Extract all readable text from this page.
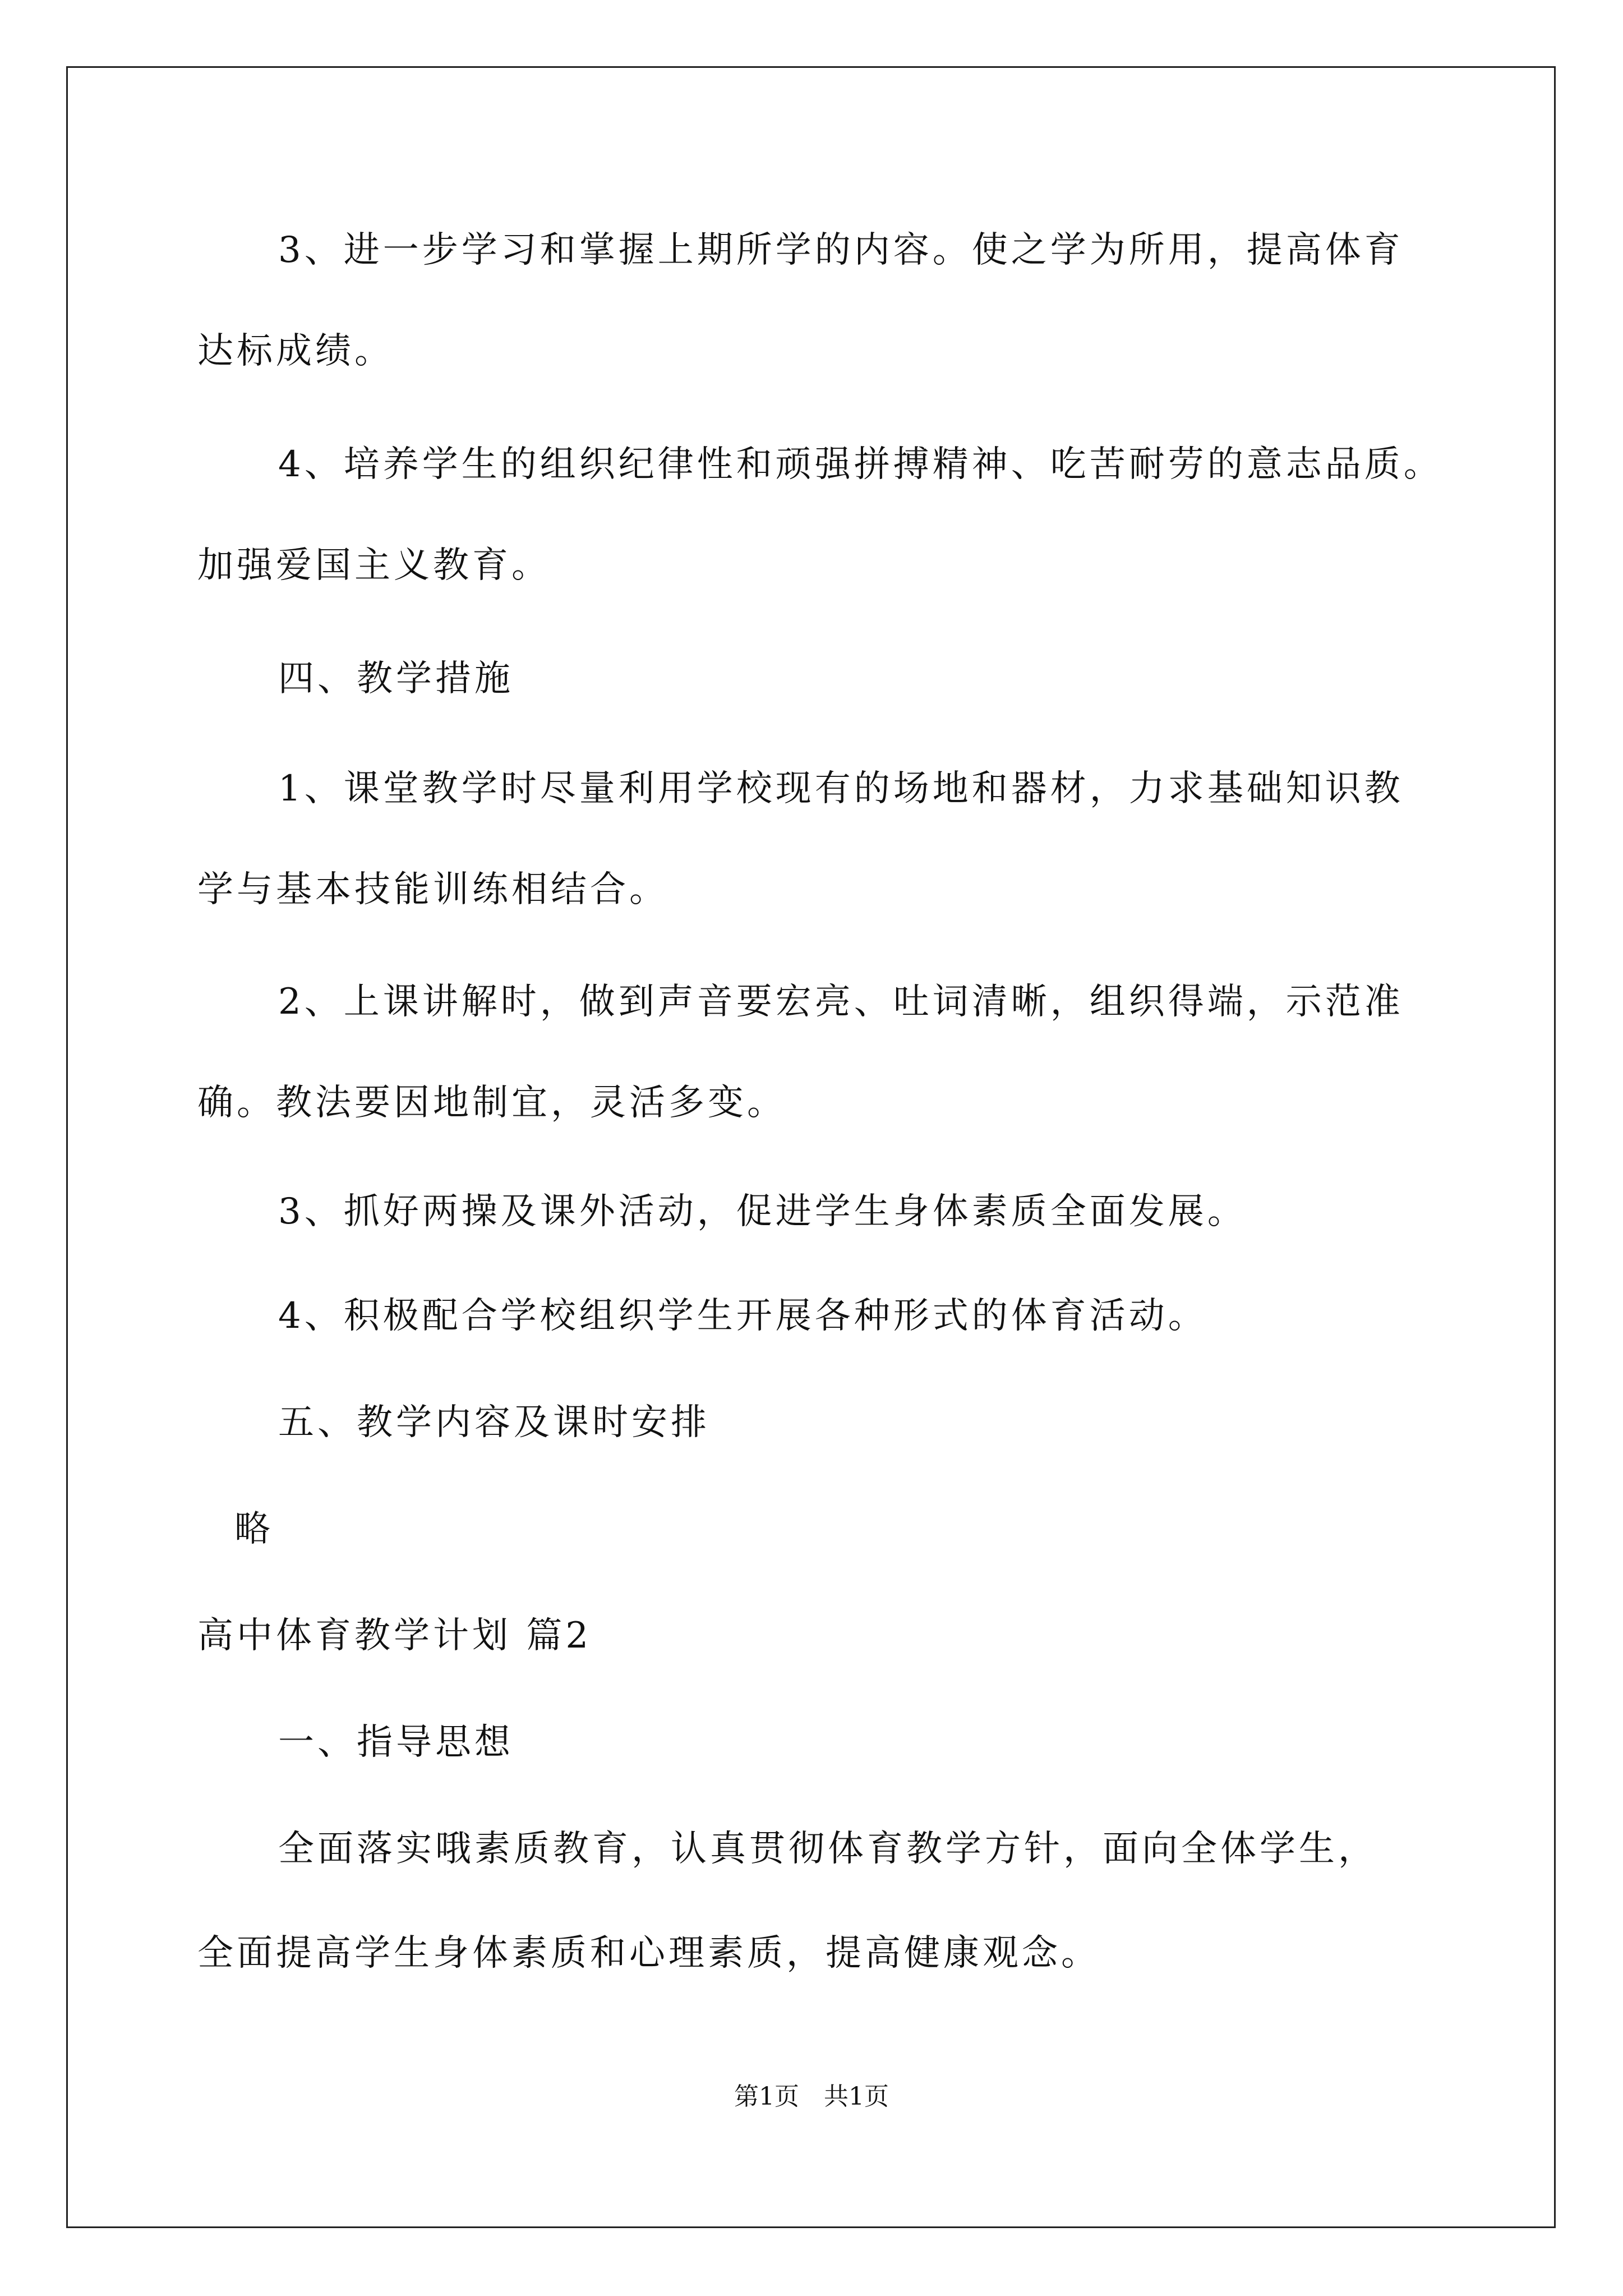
3、进一步学习和掌握上期所学的内容。使之学为所用，提高体育
达标成绩。
4、培养学生的组织纪律性和顽强拼搏精神、吃苦耐劳的意志品质。
加强爱国主义教育。
四、教学措施
1、课堂教学时尽量利用学校现有的场地和器材，力求基础知识教
学与基本技能训练相结合。
2、上课讲解时，做到声音要宏亮、吐词清晰，组织得端，示范准
确。教法要因地制宜，灵活多变。
3、抓好两操及课外活动，促进学生身体素质全面发展。
4、积极配合学校组织学生开展各种形式的体育活动。
五、教学内容及课时安排
略
高中体育教学计划 篇2
一、指导思想
全面落实哦素质教育，认真贯彻体育教学方针，面向全体学生，
全面提高学生身体素质和心理素质，提高健康观念。
第1页　共1页
